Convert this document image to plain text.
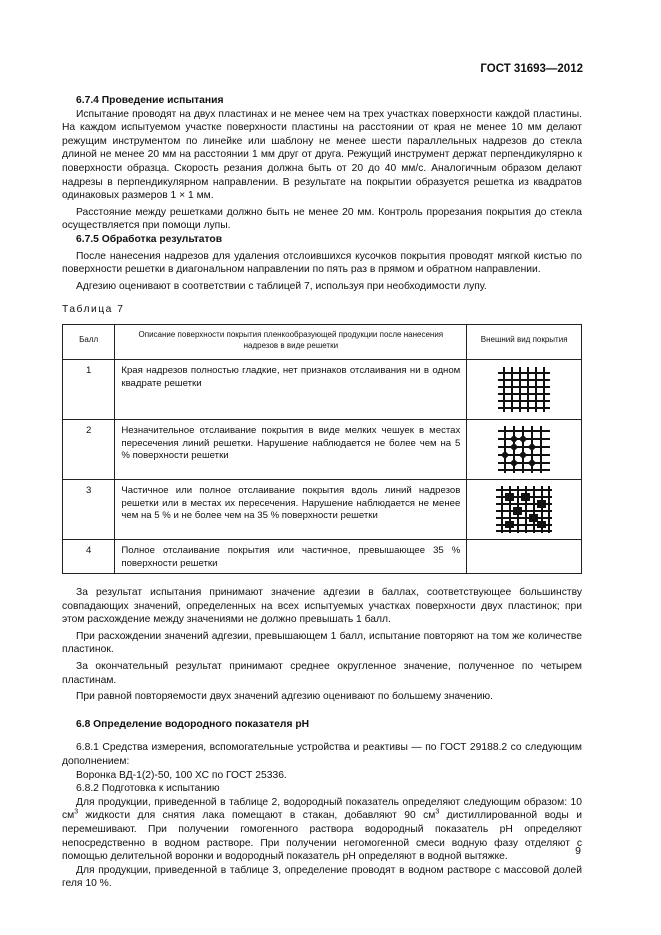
ГОСТ 31693—2012

6.7.4 Проведение испытания

Испытание проводят на двух пластинах и не менее чем на трех участках поверхности каждой пластины. На каждом испытуемом участке поверхности пластины на расстоянии от края не менее 10 мм делают режущим инструментом по линейке или шаблону не менее шести параллельных надрезов до стекла длиной не менее 20 мм на расстоянии 1 мм друг от друга. Режущий инструмент держат перпендикулярно к поверхности образца. Скорость резания должна быть от 20 до 40 мм/с. Аналогичным образом делают надрезы в перпендикулярном направлении. В результате на покрытии образуется решетка из квадратов одинаковых размеров 1 × 1 мм.

Расстояние между решетками должно быть не менее 20 мм. Контроль прорезания покрытия до стекла осуществляется при помощи лупы.

6.7.5 Обработка результатов

После нанесения надрезов для удаления отслоившихся кусочков покрытия проводят мягкой кистью по поверхности решетки в диагональном направлении по пять раз в прямом и обратном направлении.

Адгезию оценивают в соответствии с таблицей 7, используя при необходимости лупу.

Таблица 7

Балл	Описание поверхности покрытия пленкообразующей продукции после нанесения надрезов в виде решетки	Внешний вид покрытия
1	Края надрезов полностью гладкие, нет признаков отслаивания ни в одном квадрате решетки	
2	Незначительное отслаивание покрытия в виде мелких чешуек в местах пересечения линий решетки. Нарушение наблюдается не более чем на 5 % поверхности решетки	
3	Частичное или полное отслаивание покрытия вдоль линий надрезов решетки или в местах их пересечения. Нарушение наблюдается не менее чем на 5 % и не более чем на 35 % поверхности решетки	
4	Полное отслаивание покрытия или частичное, превышающее 35 % поверхности решетки	

За результат испытания принимают значение адгезии в баллах, соответствующее большинству совпадающих значений, определенных на всех испытуемых участках поверхности двух пластинок; при этом расхождение между значениями не должно превышать 1 балл.

При расхождении значений адгезии, превышающем 1 балл, испытание повторяют на том же количестве пластинок.

За окончательный результат принимают среднее округленное значение, полученное по четырем пластинам.

При равной повторяемости двух значений адгезию оценивают по большему значению.

6.8 Определение водородного показателя pH

6.8.1 Средства измерения, вспомогательные устройства и реактивы — по ГОСТ 29188.2 со следующим дополнением:

Воронка ВД-1(2)-50, 100 ХС по ГОСТ 25336.

6.8.2 Подготовка к испытанию

Для продукции, приведенной в таблице 2, водородный показатель определяют следующим образом: 10 $см^3$ жидкости для снятия лака помещают в стакан, добавляют 90 $см^3$ дистиллированной воды и перемешивают. При получении гомогенного раствора водородный показатель pH определяют непосредственно в водном растворе. При получении негомогенной смеси водную фазу отделяют с помощью делительной воронки и водородный показатель pH определяют в водной вытяжке.

Для продукции, приведенной в таблице 3, определение проводят в водном растворе с массовой долей геля 10 %.

9
